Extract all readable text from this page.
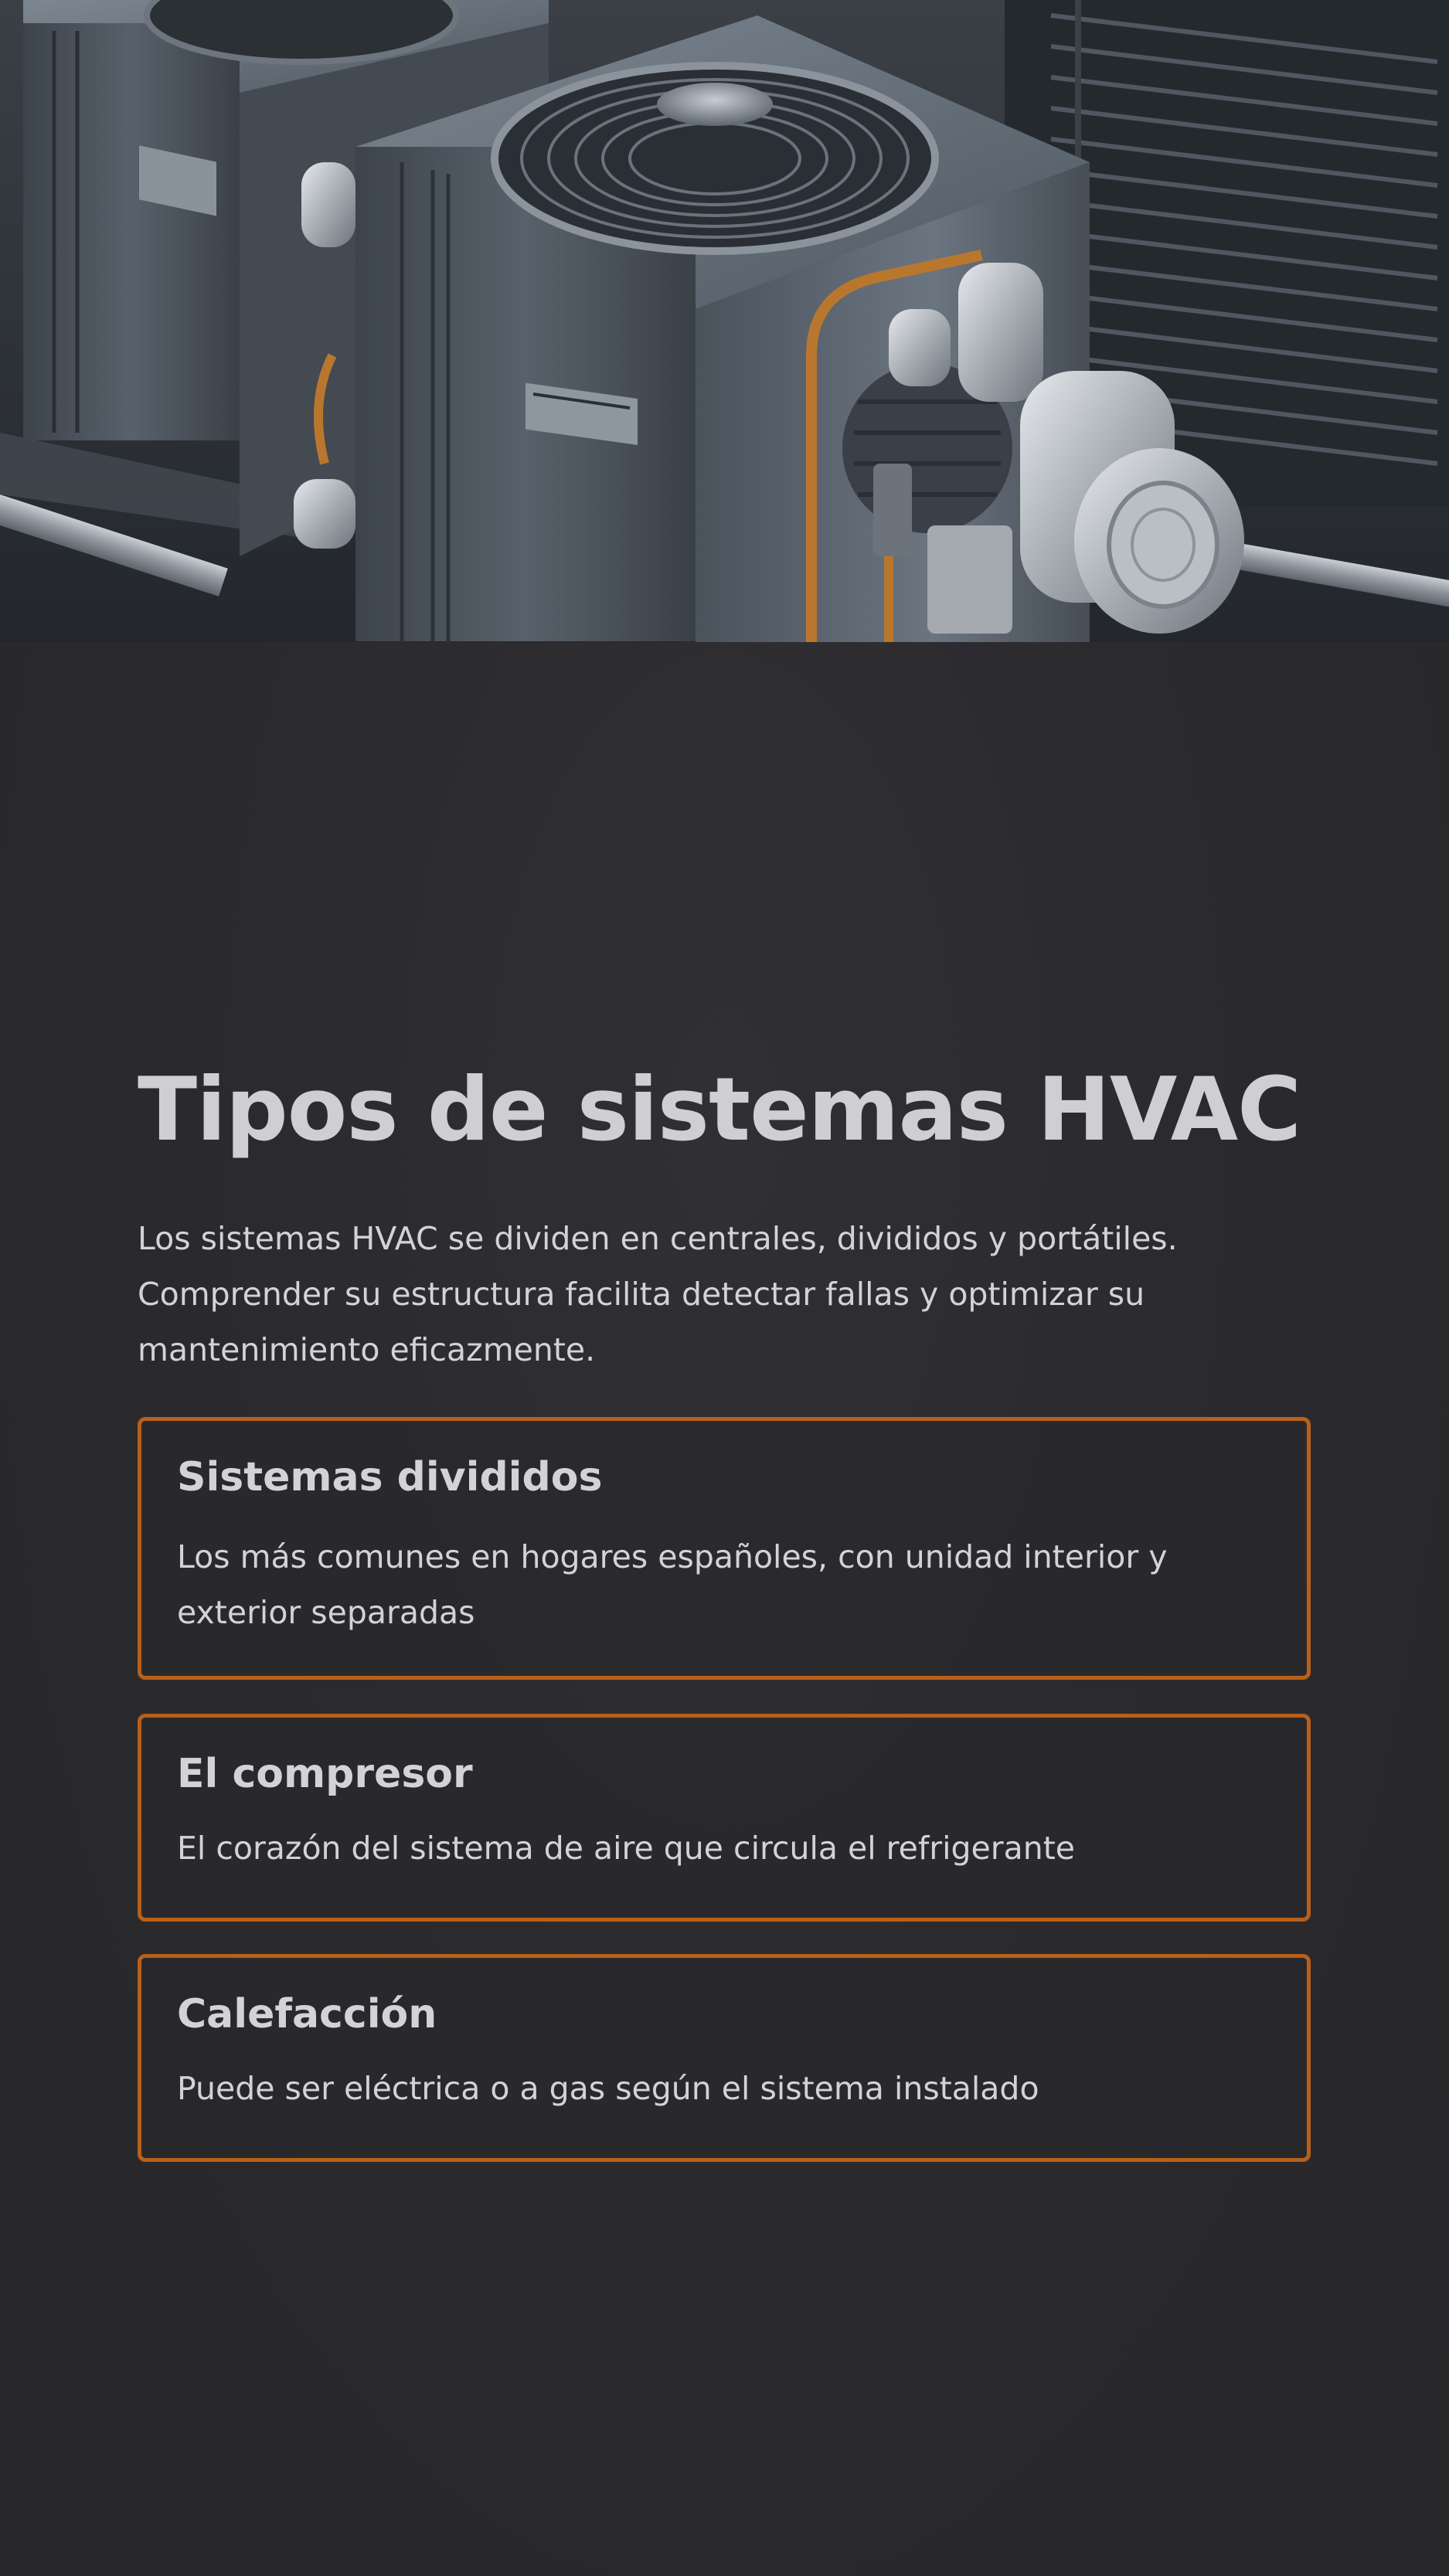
Tipos de sistemas HVAC

Los sistemas HVAC se dividen en centrales, divididos y portátiles. Comprender su estructura facilita detectar fallas y optimizar su mantenimiento eficazmente.

Sistemas divididos

Los más comunes en hogares españoles, con unidad interior y exterior separadas

El compresor

El corazón del sistema de aire que circula el refrigerante

Calefacción

Puede ser eléctrica o a gas según el sistema instalado
